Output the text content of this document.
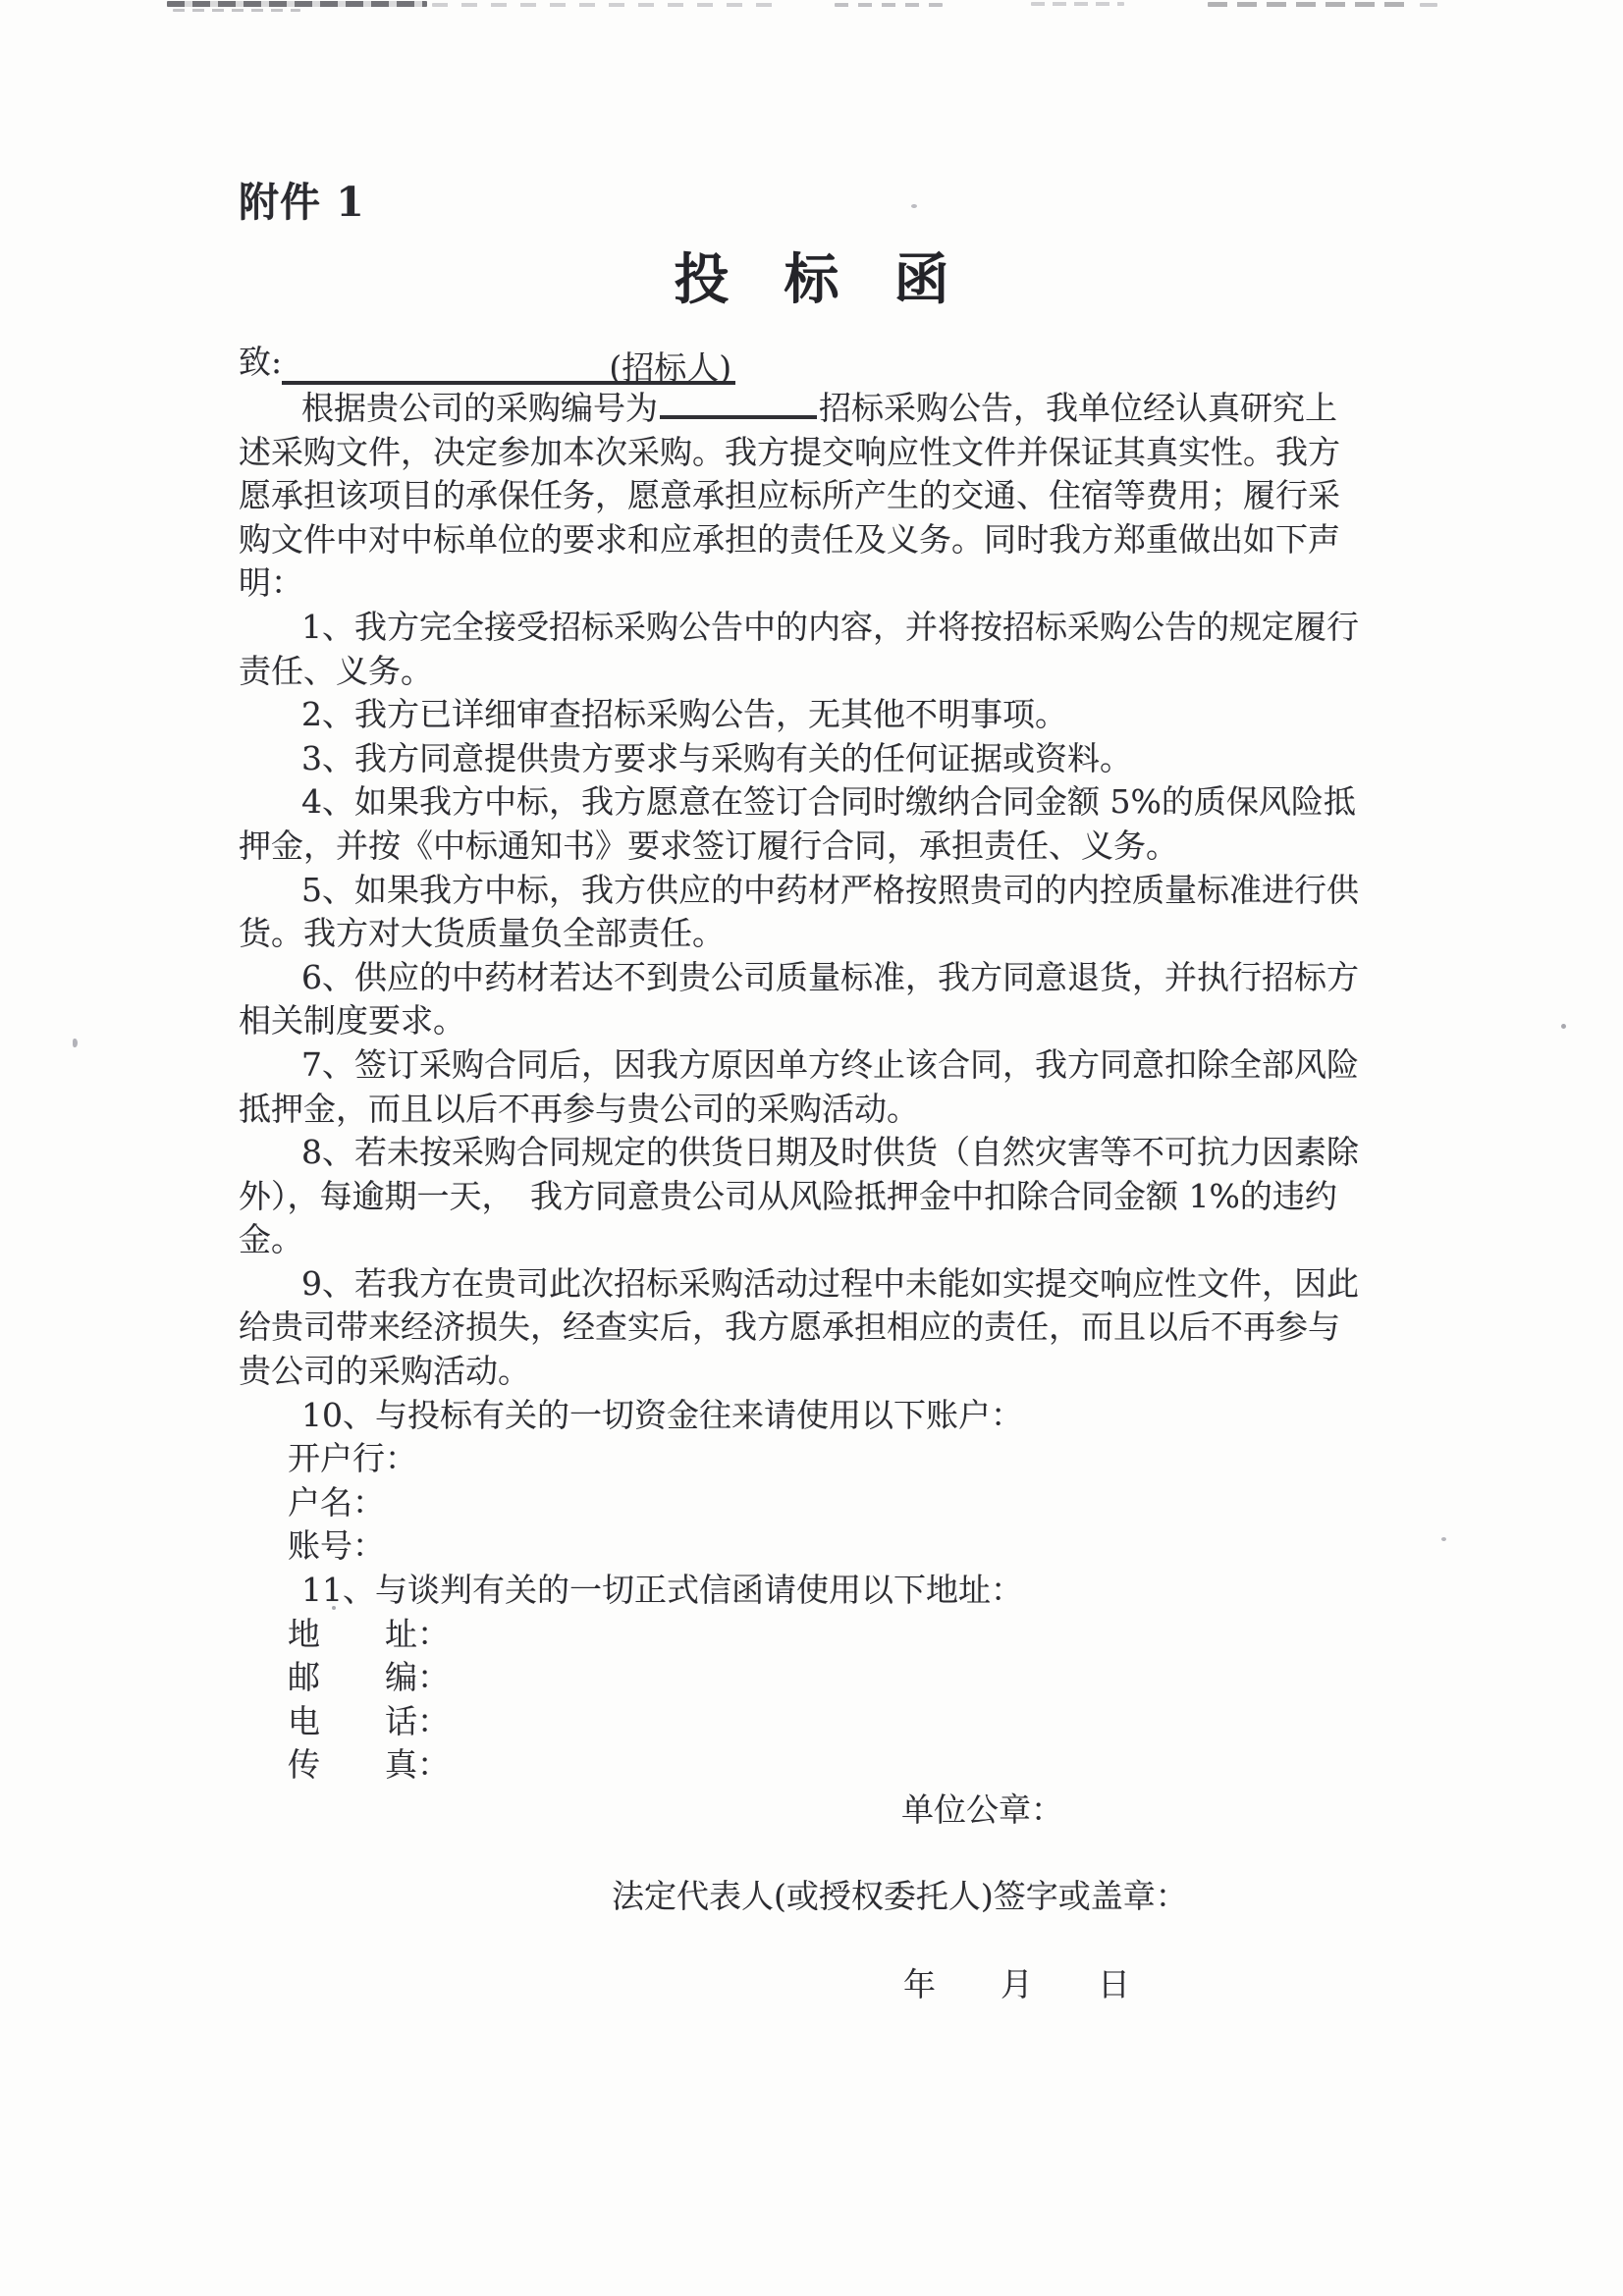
附件 1
投　标　函
致:	(招标人)
根据贵公司的采购编号为	招标采购公告，我单位经认真研究上
述采购文件，决定参加本次采购。我方提交响应性文件并保证其真实性。我方
愿承担该项目的承保任务，愿意承担应标所产生的交通、住宿等费用；履行采
购文件中对中标单位的要求和应承担的责任及义务。同时我方郑重做出如下声
明：
1、我方完全接受招标采购公告中的内容，并将按招标采购公告的规定履行
责任、义务。
2、我方已详细审查招标采购公告，无其他不明事项。
3、我方同意提供贵方要求与采购有关的任何证据或资料。
4、如果我方中标，我方愿意在签订合同时缴纳合同金额 5%的质保风险抵
押金，并按《中标通知书》要求签订履行合同，承担责任、义务。
5、如果我方中标，我方供应的中药材严格按照贵司的内控质量标准进行供
货。我方对大货质量负全部责任。
6、供应的中药材若达不到贵公司质量标准，我方同意退货，并执行招标方
相关制度要求。
7、签订采购合同后，因我方原因单方终止该合同，我方同意扣除全部风险
抵押金，而且以后不再参与贵公司的采购活动。
8、若未按采购合同规定的供货日期及时供货（自然灾害等不可抗力因素除
外），每逾期一天，　我方同意贵公司从风险抵押金中扣除合同金额 1%的违约
金。
9、若我方在贵司此次招标采购活动过程中未能如实提交响应性文件，因此
给贵司带来经济损失，经查实后，我方愿承担相应的责任，而且以后不再参与
贵公司的采购活动。
10、与投标有关的一切资金往来请使用以下账户：
开户行：
户名：
账号：
11、与谈判有关的一切正式信函请使用以下地址：
地　　址：
邮　　编：
电　　话：
传　　真：
单位公章：
法定代表人(或授权委托人)签字或盖章：
年　　月　　日
